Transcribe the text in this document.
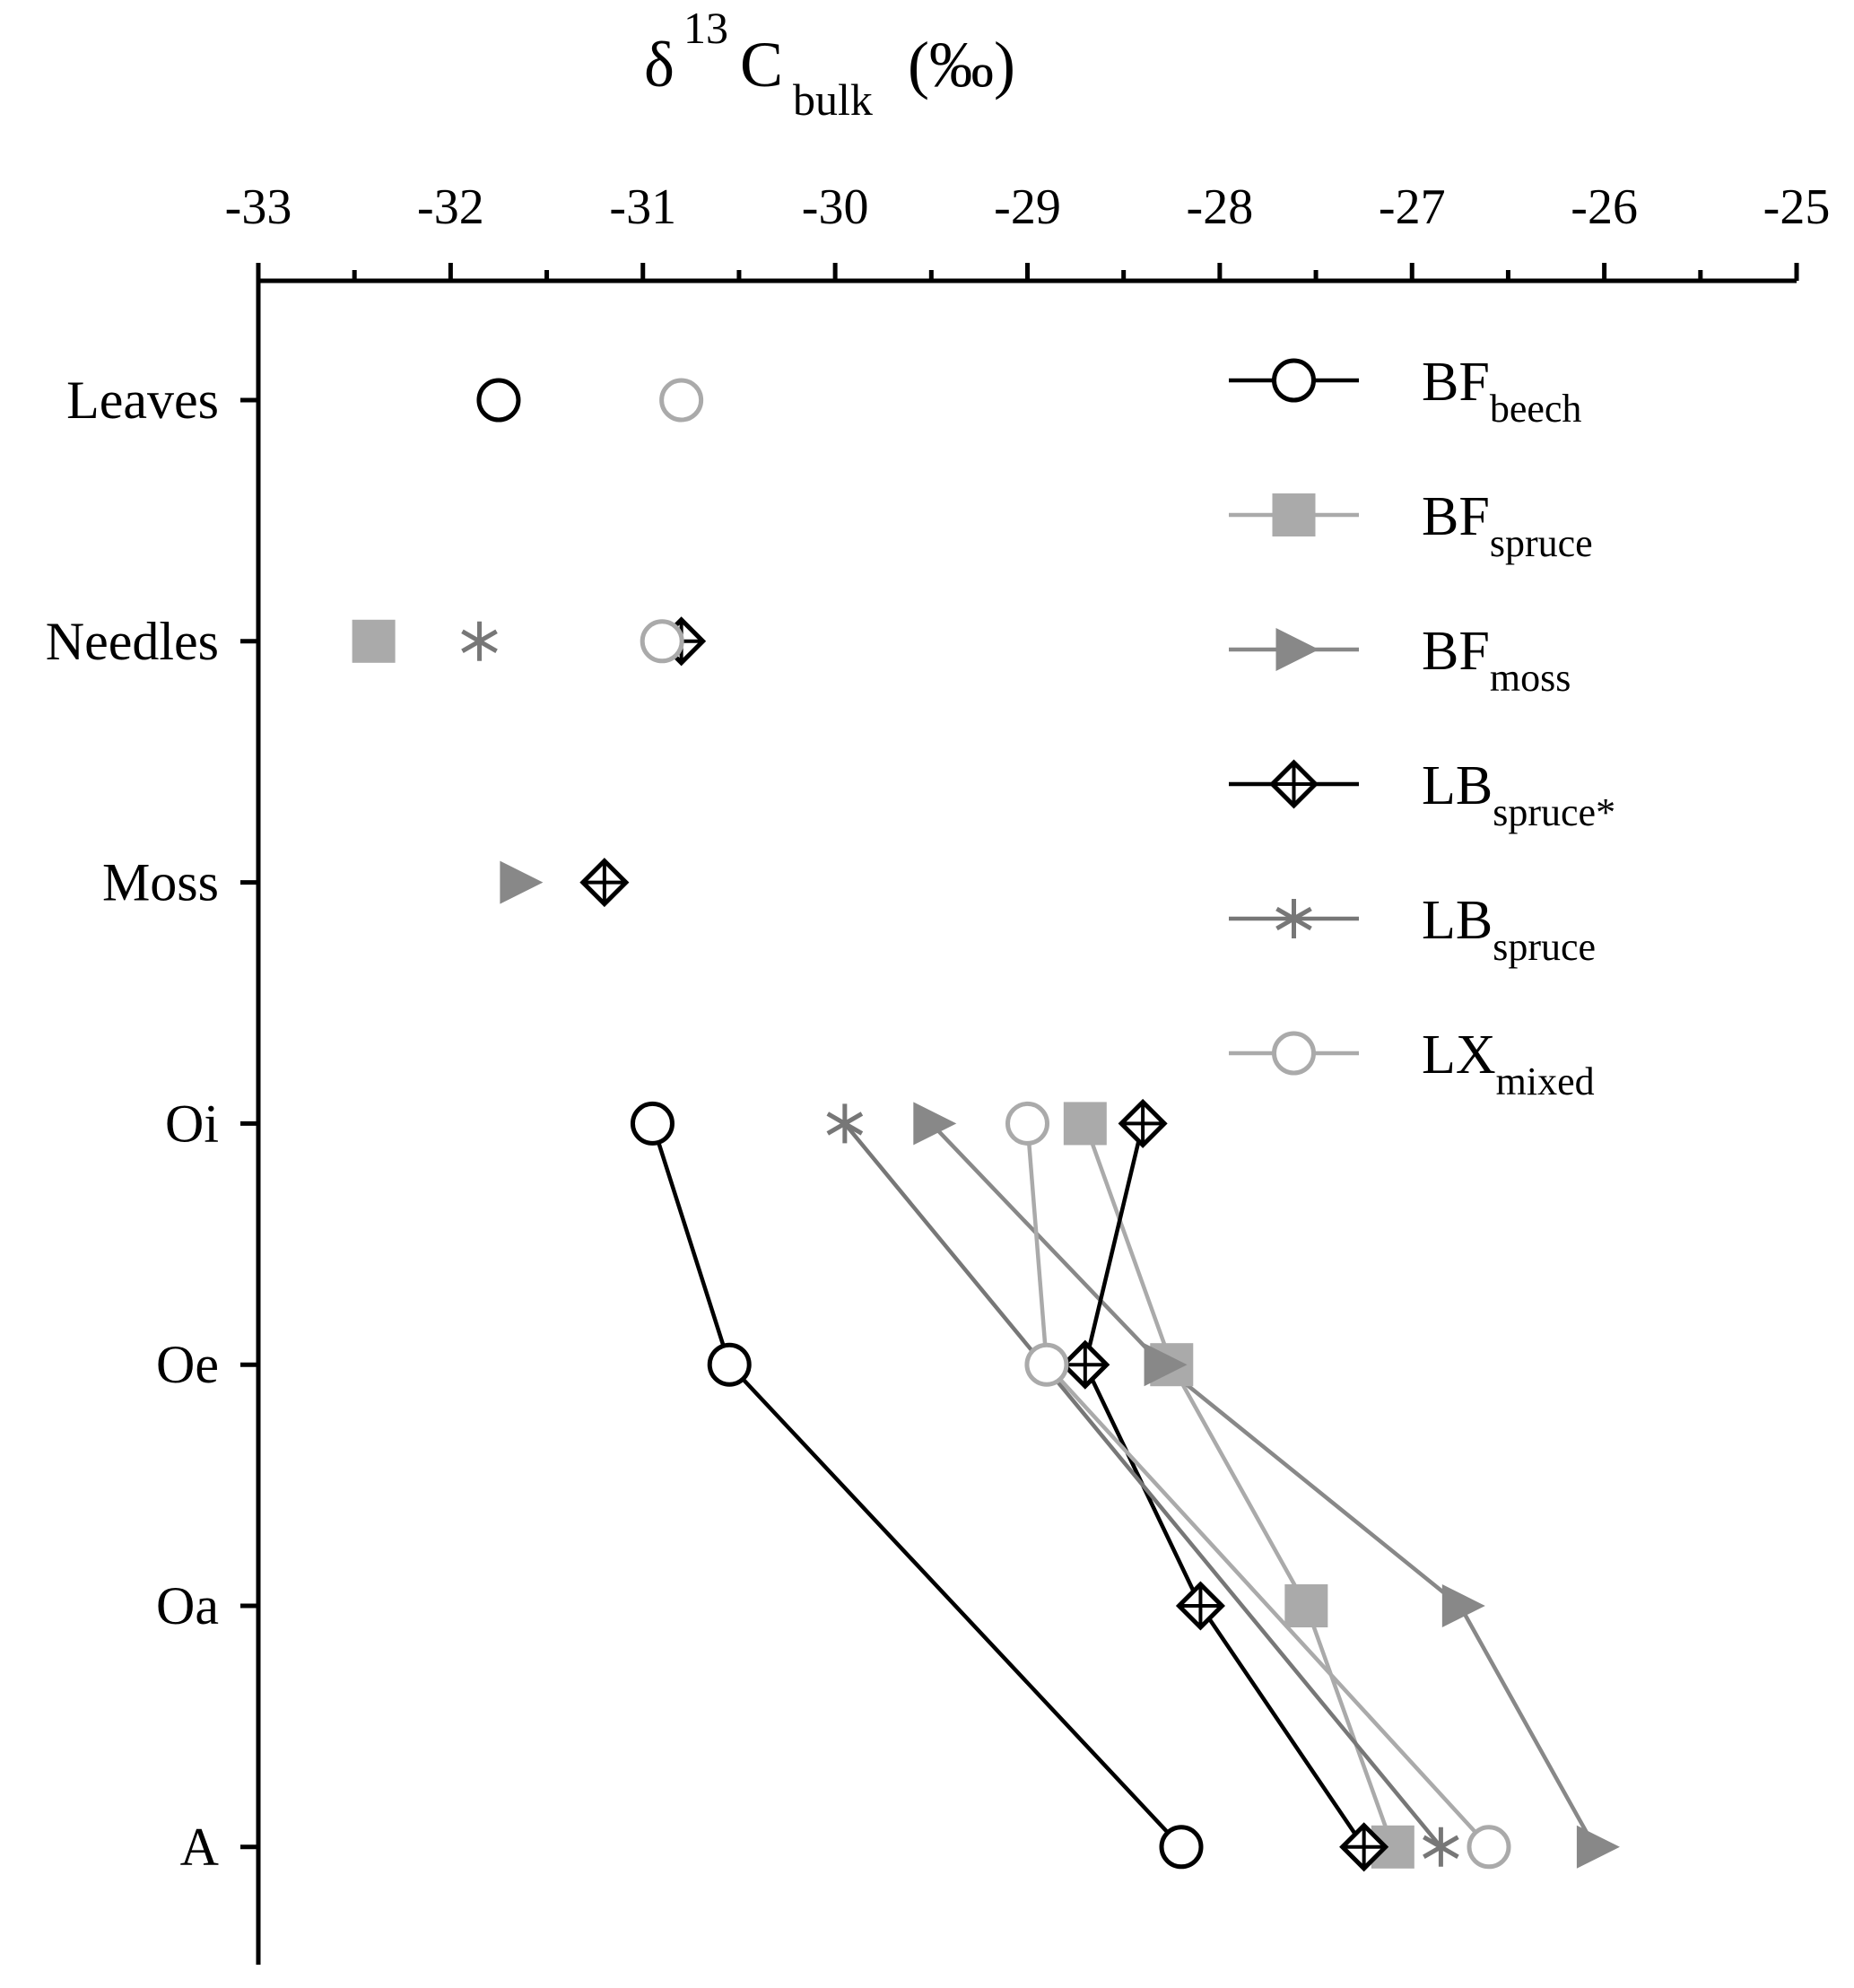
δ
13
C bulk (‰)
-33 -32 -31 -30 -29 -28 -27 -26 -25
Leaves
Needles
Moss
Oi
Oe
Oa
A
$BF_{beech}$
$BF_{spruce}$
$BF_{moss}$
$LB_{spruce*}$
$LB_{spruce}$
$LX_{mixed}$
